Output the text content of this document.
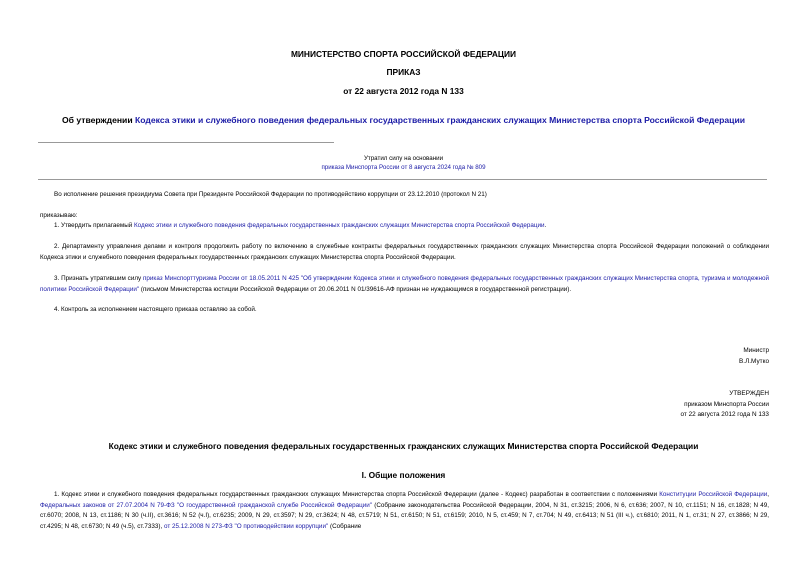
МИНИСТЕРСТВО СПОРТА РОССИЙСКОЙ ФЕДЕРАЦИИ
ПРИКАЗ
от 22 августа 2012 года N 133
Об утверждении Кодекса этики и служебного поведения федеральных государственных гражданских служащих Министерства спорта Российской Федерации
Утратил силу на основании
приказа Минспорта России от 8 августа 2024 года № 809
Во исполнение решения президиума Совета при Президенте Российской Федерации по противодействию коррупции от 23.12.2010 (протокол N 21)
приказываю:
1. Утвердить прилагаемый Кодекс этики и служебного поведения федеральных государственных гражданских служащих Министерства спорта Российской Федерации.
2. Департаменту управления делами и контроля продолжить работу по включению в служебные контракты федеральных государственных гражданских служащих Министерства спорта Российской Федерации положений о соблюдении Кодекса этики и служебного поведения федеральных государственных гражданских служащих Министерства спорта Российской Федерации.
3. Признать утратившим силу приказ Минспорттуризма России от 18.05.2011 N 425 "Об утверждении Кодекса этики и служебного поведения федеральных государственных гражданских служащих Министерства спорта, туризма и молодежной политики Российской Федерации" (письмом Министерства юстиции Российской Федерации от 20.06.2011 N 01/39616-АФ признан не нуждающимся в государственной регистрации).
4. Контроль за исполнением настоящего приказа оставляю за собой.
Министр
В.Л.Мутко
УТВЕРЖДЕН
приказом Минспорта России
от 22 августа 2012 года N 133
Кодекс этики и служебного поведения федеральных государственных гражданских служащих Министерства спорта Российской Федерации
I. Общие положения
1. Кодекс этики и служебного поведения федеральных государственных гражданских служащих Министерства спорта Российской Федерации (далее - Кодекс) разработан в соответствии с положениями Конституции Российской Федерации, Федеральных законов от 27.07.2004 N 79-ФЗ "О государственной гражданской службе Российской Федерации" (Собрание законодательства Российской Федерации, 2004, N 31, ст.3215; 2006, N 6, ст.636; 2007, N 10, ст.1151; N 16, ст.1828; N 49, ст.6070; 2008, N 13, ст.1186; N 30 (ч.II), ст.3616; N 52 (ч.I), ст.6235; 2009, N 29, ст.3597; N 29, ст.3624; N 48, ст.5719; N 51, ст.6150; N 51, ст.6159; 2010, N 5, ст.459; N 7, ст.704; N 49, ст.6413; N 51 (III ч.), ст.6810; 2011, N 1, ст.31; N 27, ст.3866; N 29, ст.4295; N 48, ст.6730; N 49 (ч.5), ст.7333), от 25.12.2008 N 273-ФЗ "О противодействии коррупции" (Собрание
